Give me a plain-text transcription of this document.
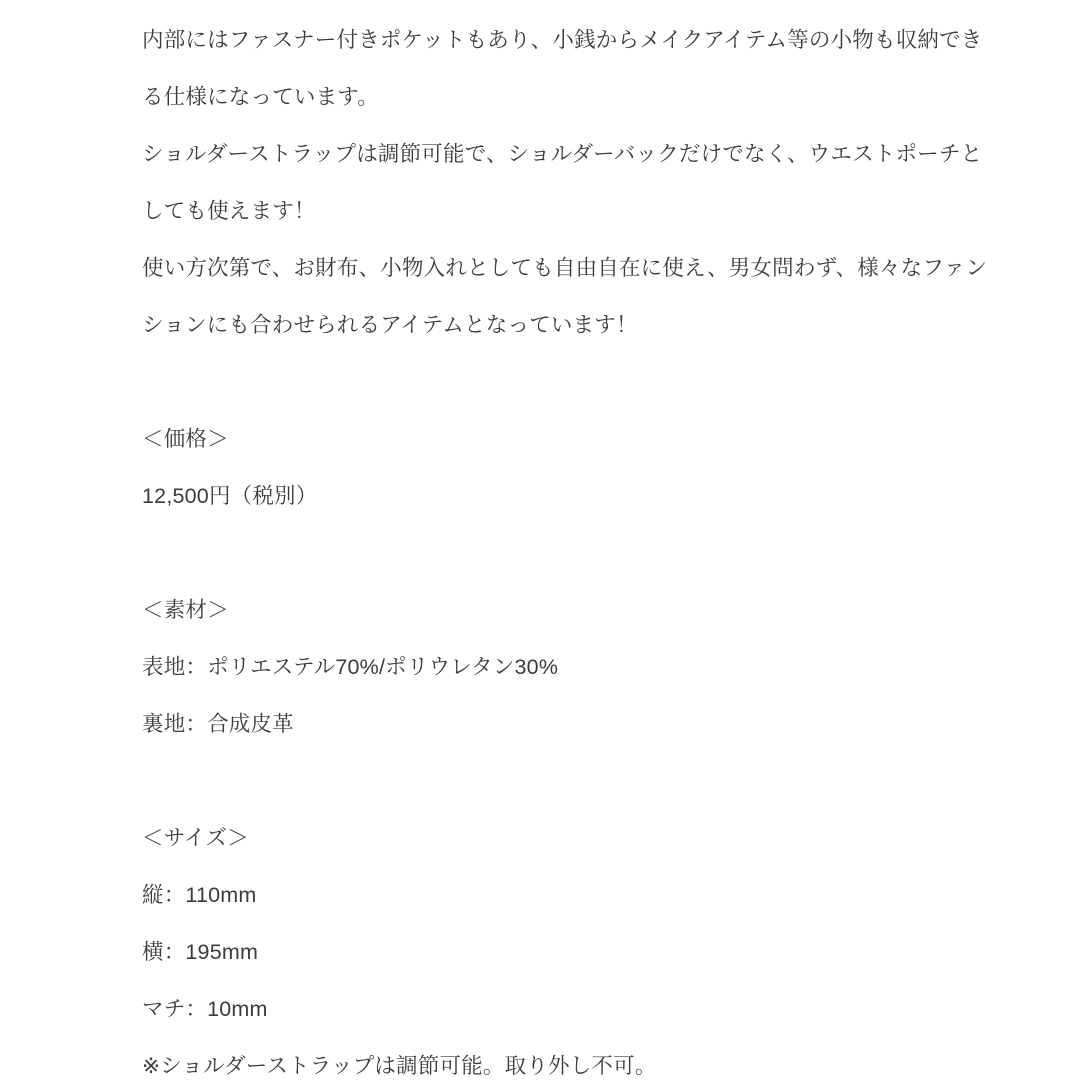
内部にはファスナー付きポケットもあり、小銭からメイクアイテム等の小物も収納でき
る仕様になっています。
ショルダーストラップは調節可能で、ショルダーバックだけでなく、ウエストポーチと
しても使えます！
使い方次第で、お財布、小物入れとしても自由自在に使え、男女問わず、様々なファン
ションにも合わせられるアイテムとなっています！
＜価格＞
12,500円（税別）
＜素材＞
表地：ポリエステル70%/ポリウレタン30%
裏地：合成皮革
＜サイズ＞
縦：110mm
横：195mm
マチ：10mm
※ショルダーストラップは調節可能。取り外し不可。
